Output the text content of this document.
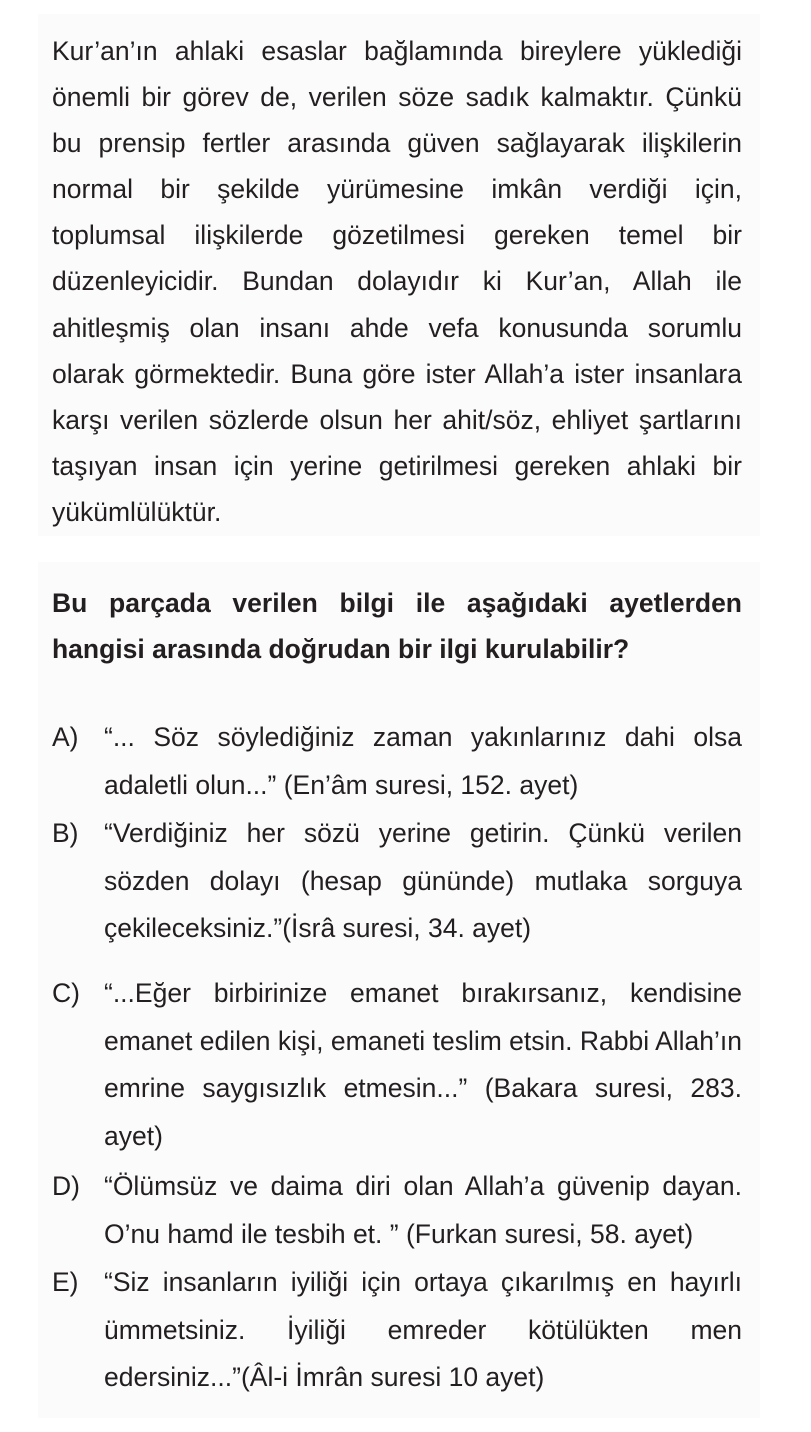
Kur’an’ın ahlaki esaslar bağlamında bireylere yüklediği önemli bir görev de, verilen söze sadık kalmaktır. Çünkü bu prensip fertler arasında güven sağlayarak ilişkilerin normal bir şekilde yürümesine imkân verdiği için, toplumsal ilişkilerde gözetilmesi gereken temel bir düzenleyicidir. Bundan dolayıdır ki Kur’an, Allah ile ahitleşmiş olan insanı ahde vefa konusunda sorumlu olarak görmektedir. Buna göre ister Allah’a ister insanlara karşı verilen sözlerde olsun her ahit/söz, ehliyet şartlarını taşıyan insan için yerine getirilmesi gereken ahlaki bir yükümlülüktür.

Bu parçada verilen bilgi ile aşağıdaki ayetlerden hangisi arasında doğrudan bir ilgi kurulabilir?

A) “... Söz söylediğiniz zaman yakınlarınız dahi olsa adaletli olun...” (En’âm suresi, 152. ayet)
B) “Verdiğiniz her sözü yerine getirin. Çünkü verilen sözden dolayı (hesap gününde) mutlaka sorguya çekileceksiniz.”(İsrâ suresi, 34. ayet)
C) “...Eğer birbirinize emanet bırakırsanız, kendisine emanet edilen kişi, emaneti teslim etsin. Rabbi Allah’ın emrine saygısızlık etmesin...” (Bakara suresi, 283. ayet)
D) “Ölümsüz ve daima diri olan Allah’a güvenip dayan. O’nu hamd ile tesbih et. ” (Furkan suresi, 58. ayet)
E) “Siz insanların iyiliği için ortaya çıkarılmış en hayırlı ümmetsiniz. İyiliği emreder kötülükten men edersiniz...”(Âl-i İmrân suresi 10 ayet)
